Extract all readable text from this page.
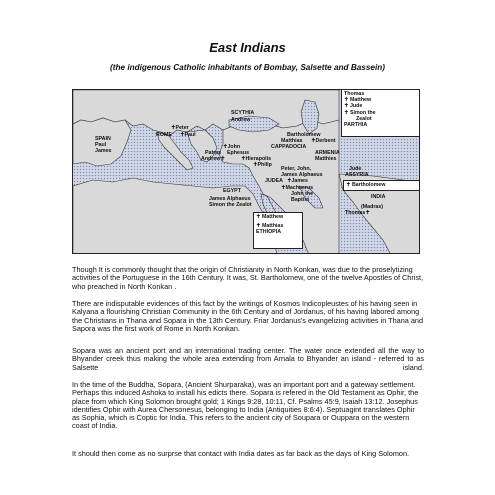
East Indians
(the indigenous Catholic inhabitants of Bombay, Salsette and Bassein)
SPAIN
Paul
James
SCYTHIA
Andrew
✝Peter
ROME ✝Paul
Patras
Andrew✝
✝John
Ephesus
✝Hierapolis
✝Philip
Bartholomew
✝Derbent
Matthias
CAPPADOCIA
ARMENIA
Matthies
Peter, John,
James Alphaeus
JUDEA ✝James
✝Machaerus
John the
Baptist
Jude
ASSYRIA
EGYPT
James Alphaeus
Simon the Zealot
INDIA
(Madras)
Thomas✝
Thomas
✝ Matthew
✝ Jude
✝ Simon the
Zealot
PARTHIA
✝ Bartholomew
✝ Matthew
✝ Matthias
ETHIOPIA
Though It is commonly thought that the origin of Christianity in North Konkan, was due to the proselytizing activities of the Portuguese in the 16th Century. It was, St. Bartholomew, one of the twelve Apostles of Christ, who preached in North Konkan .
There are indisputable evidences of this fact by the writings of Kosmos Indicopleustes of his having seen in Kalyana a flourishing Christian Community in the 6th Century and of Jordanus, of his having labored among the Christians in Thana and Sopara in the 13th Century. Friar Jordanus's evangelizing activities in Thana and Sapora was the first work of Rome in North Konkan.
Sopara was an ancient port and an international trading center. The water once extended all the way to Bhyander creek thus making the whole area extending from Arnala to Bhyander an island - referred to as Salsette island.
In the time of the Buddha, Sopara, (Ancient Shurparaka), was an important port and a gateway settlement. Perhaps this induced Ashoka to install his edicts there. Sopara is refered in the Old Testament as Ophir, the place from which King Solomon brought gold; 1 Kings 9:28, 10:11, Cf. Psalms 45:9, Isaiah 13:12. Josephus identifies Ophir with Aurea Chersonesus, belonging to India (Antiquities 8:6:4). Septuagint translates Ophir as Sophia, which is Coptic for India. This refers to the ancient city of Soupara or Ouppara on the western coast of India.
It should then come as no surprse that contact with India dates as far back as the days of King Solomon.
